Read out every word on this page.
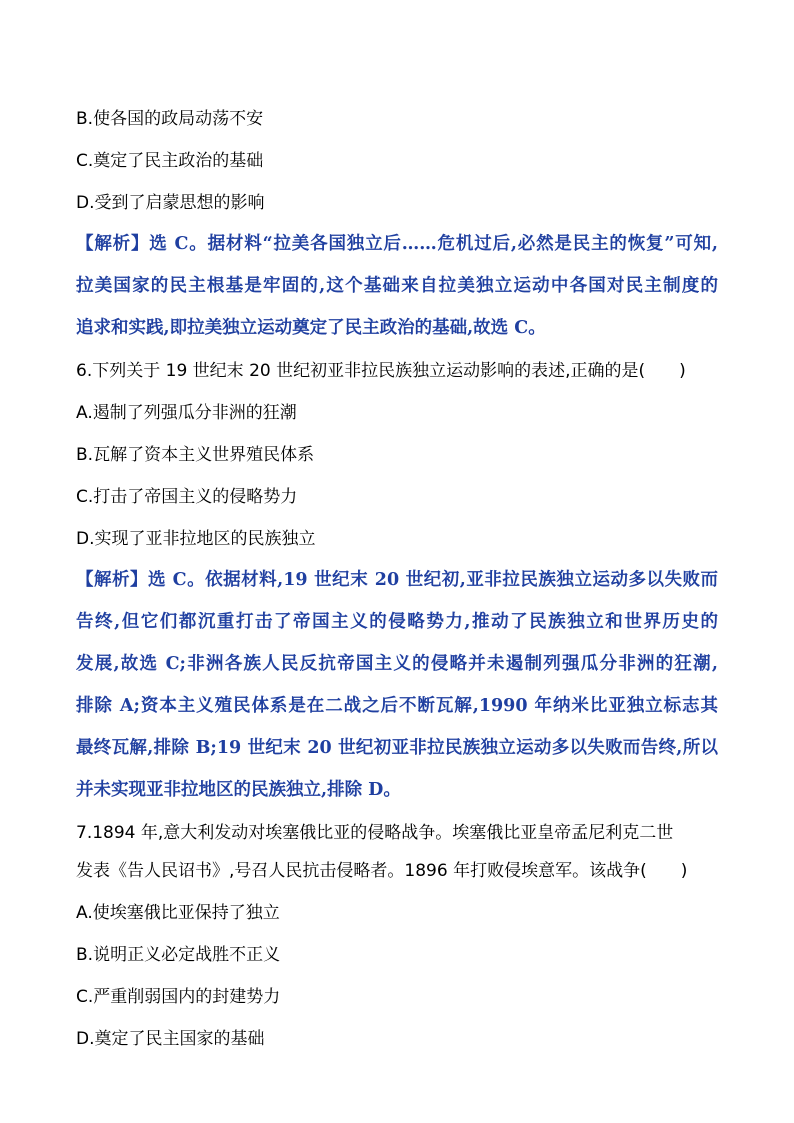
B.使各国的政局动荡不安
C.奠定了民主政治的基础
D.受到了启蒙思想的影响
【解析】选 C。据材料“拉美各国独立后……危机过后,必然是民主的恢复”可知,
拉美国家的民主根基是牢固的,这个基础来自拉美独立运动中各国对民主制度的
追求和实践,即拉美独立运动奠定了民主政治的基础,故选 C。
6.下列关于 19 世纪末 20 世纪初亚非拉民族独立运动影响的表述,正确的是(　　)
A.遏制了列强瓜分非洲的狂潮
B.瓦解了资本主义世界殖民体系
C.打击了帝国主义的侵略势力
D.实现了亚非拉地区的民族独立
【解析】选 C。依据材料,19 世纪末 20 世纪初,亚非拉民族独立运动多以失败而
告终,但它们都沉重打击了帝国主义的侵略势力,推动了民族独立和世界历史的
发展,故选 C;非洲各族人民反抗帝国主义的侵略并未遏制列强瓜分非洲的狂潮,
排除 A;资本主义殖民体系是在二战之后不断瓦解,1990 年纳米比亚独立标志其
最终瓦解,排除 B;19 世纪末 20 世纪初亚非拉民族独立运动多以失败而告终,所以
并未实现亚非拉地区的民族独立,排除 D。
7.1894 年,意大利发动对埃塞俄比亚的侵略战争。埃塞俄比亚皇帝孟尼利克二世
发表《告人民诏书》,号召人民抗击侵略者。1896 年打败侵埃意军。该战争(　　)
A.使埃塞俄比亚保持了独立
B.说明正义必定战胜不正义
C.严重削弱国内的封建势力
D.奠定了民主国家的基础
